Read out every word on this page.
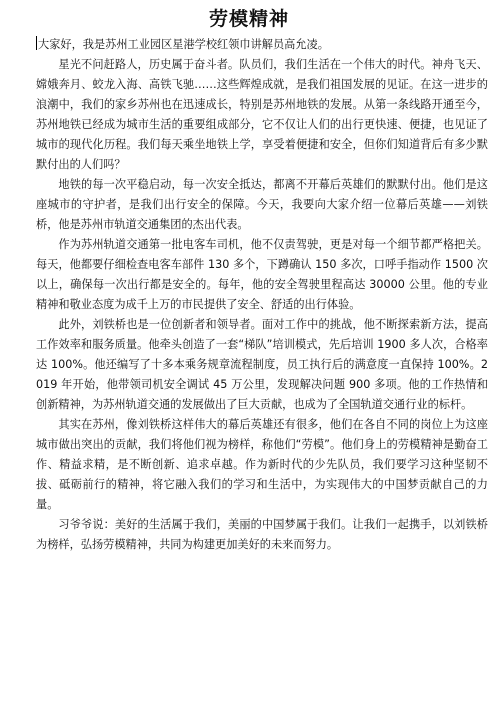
劳模精神

大家好，我是苏州工业园区星港学校红领巾讲解员高允凌。

星光不问赶路人，历史属于奋斗者。队员们，我们生活在一个伟大的时代。神舟飞天、嫦娥奔月、蛟龙入海、高铁飞驰……这些辉煌成就，是我们祖国发展的见证。在这一进步的浪潮中，我们的家乡苏州也在迅速成长，特别是苏州地铁的发展。从第一条线路开通至今，苏州地铁已经成为城市生活的重要组成部分，它不仅让人们的出行更快速、便捷，也见证了城市的现代化历程。我们每天乘坐地铁上学，享受着便捷和安全，但你们知道背后有多少默默付出的人们吗？

地铁的每一次平稳启动，每一次安全抵达，都离不开幕后英雄们的默默付出。他们是这座城市的守护者，是我们出行安全的保障。今天，我要向大家介绍一位幕后英雄——刘铁桥，他是苏州市轨道交通集团的杰出代表。

作为苏州轨道交通第一批电客车司机，他不仅责驾驶，更是对每一个细节都严格把关。每天，他都要仔细检查电客车部件 130 多个，下蹲确认 150 多次，口呼手指动作 1500 次以上，确保每一次出行都是安全的。每年，他的安全驾驶里程高达 30000 公里。他的专业精神和敬业态度为成千上万的市民提供了安全、舒适的出行体验。

此外，刘铁桥也是一位创新者和领导者。面对工作中的挑战，他不断探索新方法，提高工作效率和服务质量。他牵头创造了一套“梯队”培训模式，先后培训 1900 多人次，合格率达 100%。他还编写了十多本乘务规章流程制度，员工执行后的满意度一直保持 100%。2019 年开始，他带领司机安全调试 45 万公里，发现解决问题 900 多项。他的工作热情和创新精神，为苏州轨道交通的发展做出了巨大贡献，也成为了全国轨道交通行业的标杆。

其实在苏州，像刘铁桥这样伟大的幕后英雄还有很多，他们在各自不同的岗位上为这座城市做出突出的贡献，我们将他们视为榜样，称他们“劳模”。他们身上的劳模精神是勤奋工作、精益求精，是不断创新、追求卓越。作为新时代的少先队员，我们要学习这种坚韧不拔、砥砺前行的精神，将它融入我们的学习和生活中，为实现伟大的中国梦贡献自己的力量。

习爷爷说：美好的生活属于我们，美丽的中国梦属于我们。让我们一起携手，以刘铁桥为榜样，弘扬劳模精神，共同为构建更加美好的未来而努力。
